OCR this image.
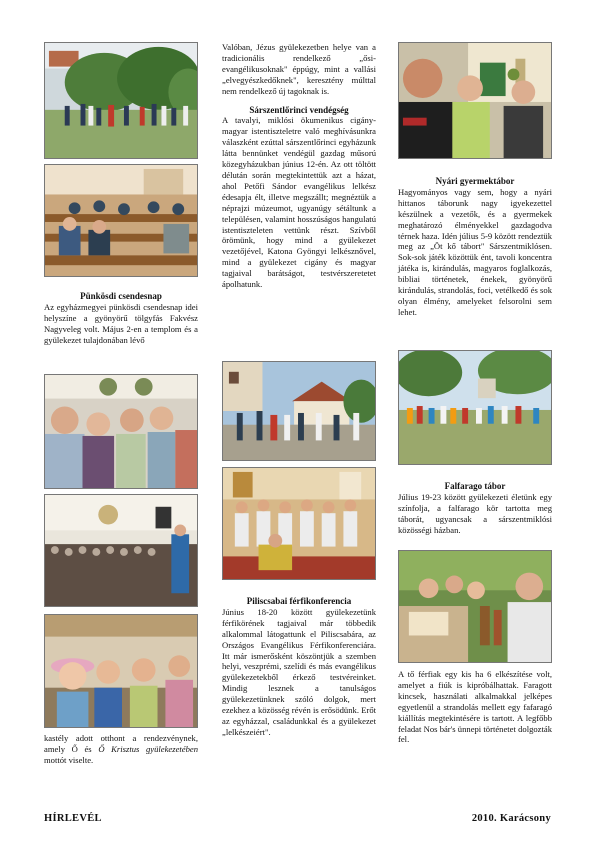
Pünkösdi csendesnap

Az egyházmegyei pünkösdi csendesnap idei helyszíne a gyönyörű tölgyfás Fakvész Nagyveleg volt. Május 2-en a templom és a gyülekezet tulajdonában lévő

kastély adott otthont a rendezvénynek, amely Ő és Ő Krisztus gyülekezetében mottót viselte.

Valóban, Jézus gyülekezetben helye van a tradicionális rendelkező „ősi-evangélikusoknak" éppúgy, mint a vallási „elvegyészkedőknek", keresztény múlttal nem rendelkező új tagoknak is.

Sárszentlőrinci vendégség

A tavalyi, miklósi ökumenikus cigány-magyar istentiszteletre való meghívásunkra válaszként ezúttal sárszentlőrinci egyházunk látta bennünket vendégül gazdag műsorú közegyházukban június 12-én. Az ott töltött délután során megtekintettük azt a házat, ahol Petőfi Sándor evangélikus lelkész édesapja élt, illetve megszállt; megnéztük a néprajzi múzeumot, ugyanúgy sétáltunk a településen, valamint hosszúságos hangulatú istentiszteleten vettünk részt. Szívből örömünk, hogy mind a gyülekezet vezetőjével, Katona Gyöngyi lelkésznővel, mind a gyülekezet cigány és magyar tagjaival barátságot, testvérszeretetet ápolhatunk.

Piliscsabai férfikonferencia

Június 18-20 között gyülekezetünk férfikörének tagjaival már többedik alkalommal látogattunk el Piliscsabára, az Országos Evangélikus Férfikonferenciára. Itt már ismerősként köszöntjük a szemben helyi, veszprémi, szelídi és más evangélikus gyülekezetekből érkező testvéreinket. Mindig lesznek a tanulságos gyülekezetünknek szóló dolgok, mert ezekhez a közösség révén is erősödünk. Erőt az egyházzal, családunkkal és a gyülekezet „lelkészeiért".

Nyári gyermektábor

Hagyományos vagy sem, hogy a nyári hittanos táborunk nagy igyekezettel készülnek a vezetők, és a gyermekek meghatározó élményekkel gazdagodva térnek haza. Idén július 5-9 között rendeztük meg az „Öt kő tábort" Sárszentmiklósen. Sok-sok játék közöttük ént, tavoli koncentra játéka is, kirándulás, magyaros foglalkozás, bibliai történetek, énekek, gyönyörű kirándulás, strandolás, foci, vetélkedő és sok olyan élmény, amelyeket felsorolni sem lehet.

Falfarago tábor

Július 19-23 között gyülekezeti életünk egy színfolja, a falfarago kör tartotta meg táborát, ugyancsak a sárszentmiklósi közösségi házban.

A tő férfiak egy kis ha 6 elkészítése volt, amelyet a fiúk is kipróbálhattak. Faragott kincsek, használati alkalmakkal jelképes egyetlenül a strandolás mellett egy fafaragó kiállítás megtekintésére is tartott. A legfőbb feladat Nos bár's ünnepi történetet dolgozták fel.

HÍRLEVÉL	2010. Karácsony
